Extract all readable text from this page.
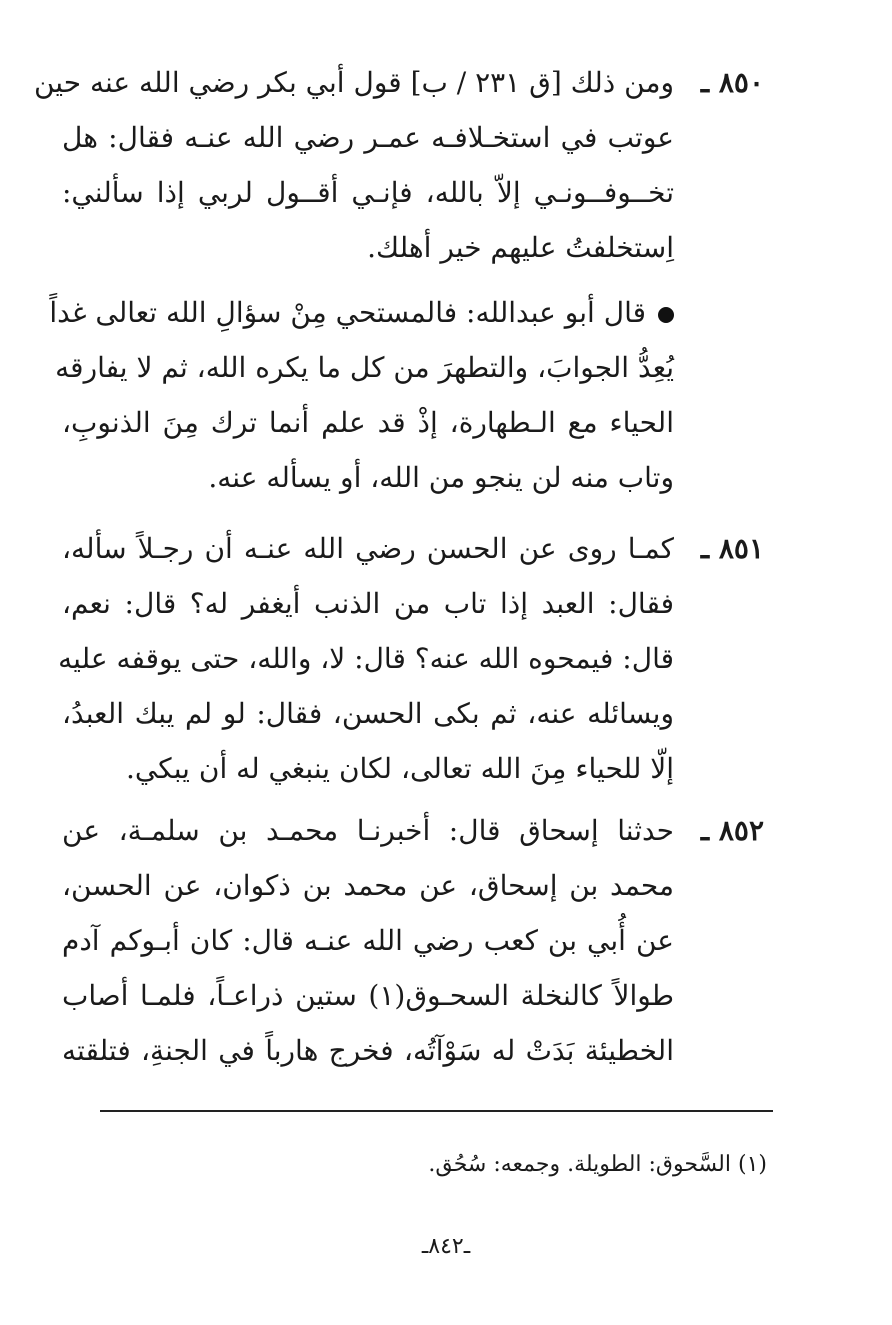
٨٥٠ ـ
ومن ذلك [ق ٢٣١ / ب] قول أبي بكر رضي الله عنه حين
عوتب في استخـلافـه عمـر رضي الله عنـه فقال: هل
تخــوفــونـي إلاّ بالله، فإنـي أقــول لربي إذا سألني:
اِستخلفتُ عليهم خير أهلك.
قال أبو عبدالله: فالمستحي مِنْ سؤالِ الله تعالى غداً
يُعِدُّ الجوابَ، والتطهرَ من كل ما يكره الله، ثم لا يفارقه
الحياء مع الـطهارة، إذْ قد علم أنما ترك مِنَ الذنوبِ،
وتاب منه لن ينجو من الله، أو يسأله عنه.
٨٥١ ـ
كمـا روى عن الحسن رضي الله عنـه أن رجـلاً سأله،
فقال: العبد إذا تاب من الذنب أيغفر له؟ قال: نعم،
قال: فيمحوه الله عنه؟ قال: لا، والله، حتى يوقفه عليه
ويسائله عنه، ثم بكى الحسن، فقال: لو لم يبك العبدُ،
إلّا للحياء مِنَ الله تعالى، لكان ينبغي له أن يبكي.
٨٥٢ ـ
حدثنا إسحاق قال: أخبرنـا محمـد بن سلمـة، عن
محمد بن إسحاق، عن محمد بن ذكوان، عن الحسن،
عن أُبي بن كعب رضي الله عنـه قال: كان أبـوكم آدم
طوالاً كالنخلة السحـوق(١) ستين ذراعـاً، فلمـا أصاب
الخطيئة بَدَتْ له سَوْآتُه، فخرج هارباً في الجنةِ، فتلقته
(١) السَّحوق: الطويلة. وجمعه: سُحُق.
ـ٨٤٢ـ
